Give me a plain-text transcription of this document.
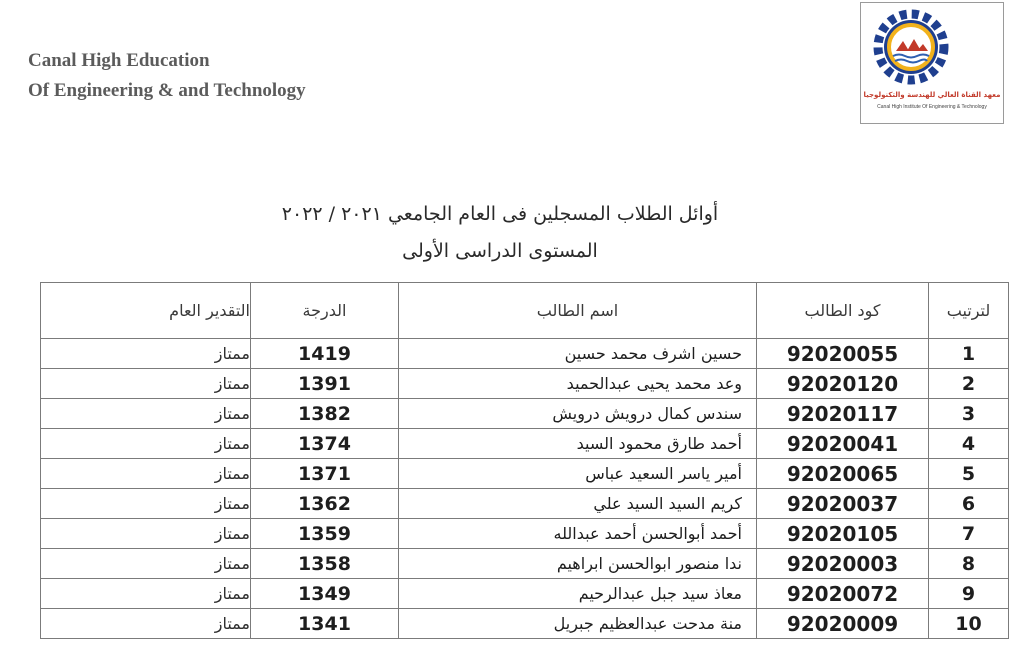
Canal High Education
Of Engineering & and Technology	معهد القناة العالي للهندسة والتكنولوجيا
Canal High Institute Of Engineering & Technology
أوائل الطلاب المسجلين فى العام الجامعي ٢٠٢١ / ٢٠٢٢
المستوى الدراسى الأولى
التقدير العام	الدرجة	اسم الطالب	كود الطالب	لترتيب
ممتاز	1419	حسين اشرف محمد حسين	92020055	1
ممتاز	1391	وعد محمد يحيى عبدالحميد	92020120	2
ممتاز	1382	سندس كمال درويش درويش	92020117	3
ممتاز	1374	أحمد طارق محمود السيد	92020041	4
ممتاز	1371	أمير ياسر السعيد عباس	92020065	5
ممتاز	1362	كريم السيد السيد علي	92020037	6
ممتاز	1359	أحمد أبوالحسن أحمد عبدالله	92020105	7
ممتاز	1358	ندا منصور ابوالحسن ابراهيم	92020003	8
ممتاز	1349	معاذ سيد جبل عبدالرحيم	92020072	9
ممتاز	1341	منة مدحت عبدالعظيم جبريل	92020009	10
